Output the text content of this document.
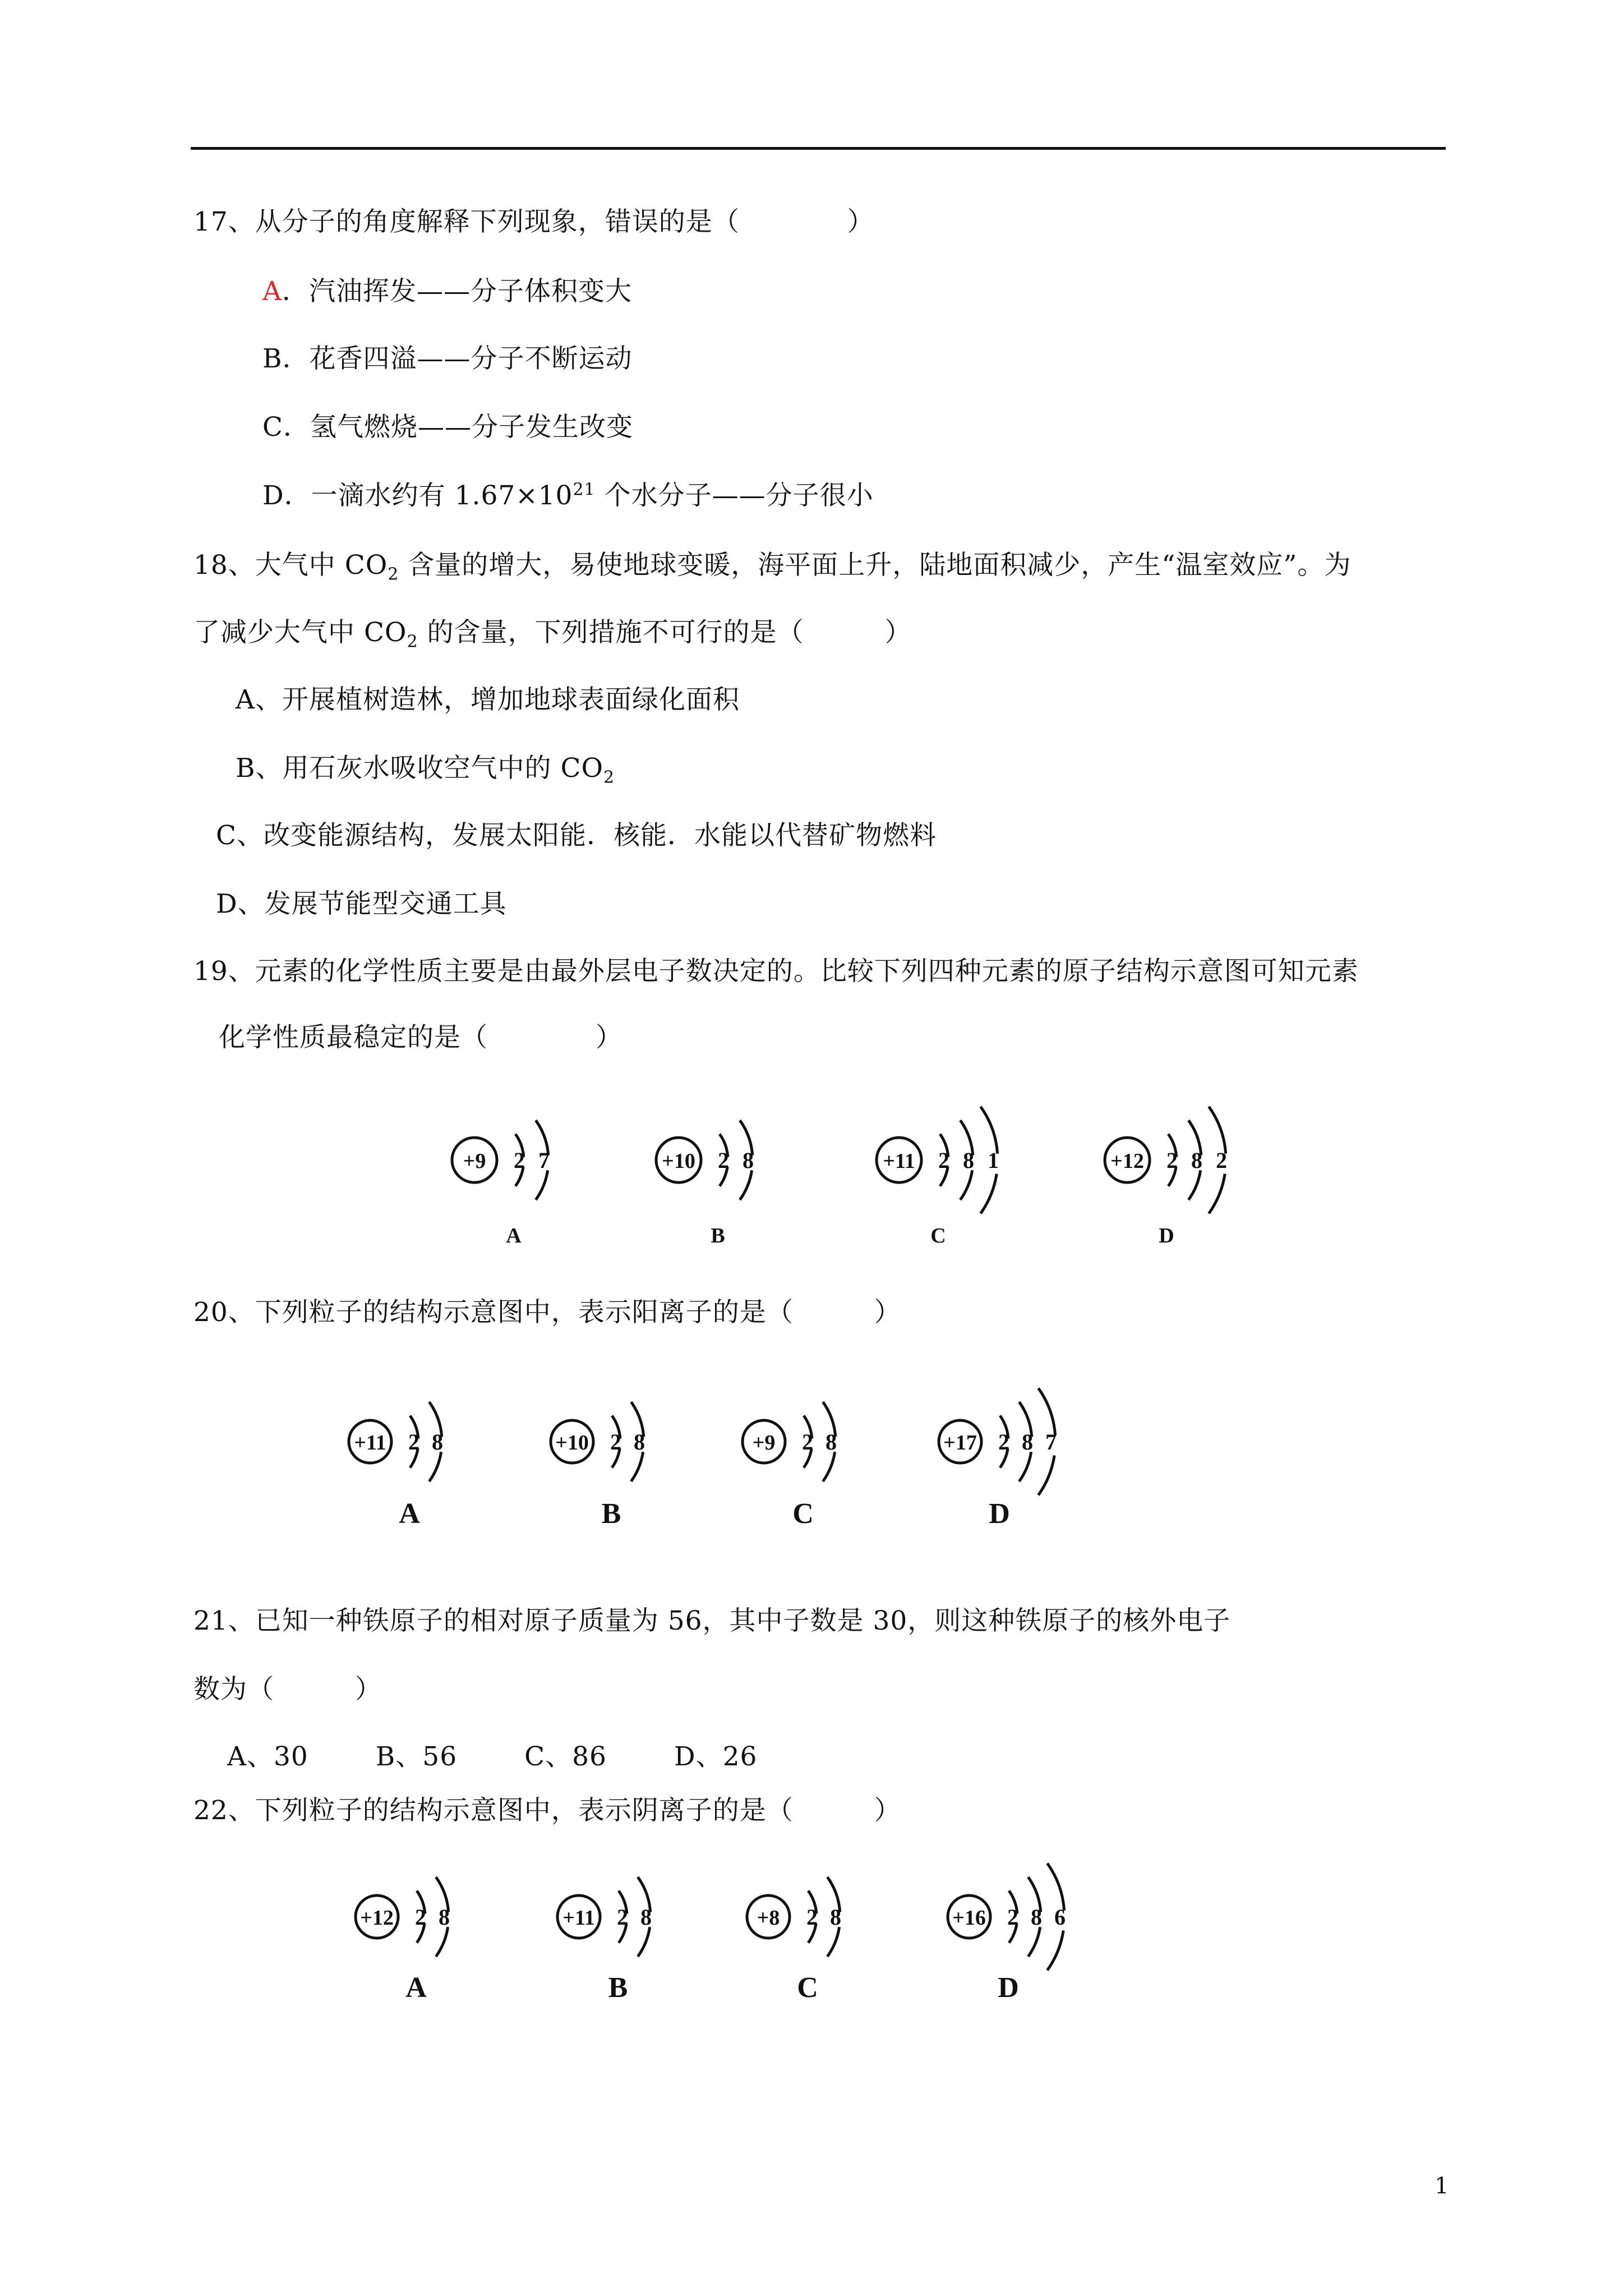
17、从分子的角度解释下列现象，错误的是（　　　　）
A．汽油挥发——分子体积变大
B．花香四溢——分子不断运动
C．氢气燃烧——分子发生改变
D．一滴水约有 $1.67\times 10^{21}$ 个水分子——分子很小
18、大气中 $CO_2$ 含量的增大，易使地球变暖，海平面上升，陆地面积减少，产生“温室效应”。为
了减少大气中 $CO_2$ 的含量，下列措施不可行的是（　　　）
A、开展植树造林，增加地球表面绿化面积
B、用石灰水吸收空气中的 $CO_2$
C、改变能源结构，发展太阳能．核能．水能以代替矿物燃料
D、发展节能型交通工具
19、元素的化学性质主要是由最外层电子数决定的。比较下列四种元素的原子结构示意图可知元素
化学性质最稳定的是（　　　　）
20、下列粒子的结构示意图中，表示阳离子的是（　　　）
21、已知一种铁原子的相对原子质量为 56，其中子数是 30，则这种铁原子的核外电子
数为（　　　）
A、30	B、56	C、86	D、26
22、下列粒子的结构示意图中，表示阴离子的是（　　　）
+9 2 7
A
+10 2 8
B
+11 2 8 1
C
+12 2 8 2
D
+11 2 8
A
+10 2 8
B
+9 2 8
C
+17 2 8 7
D
+12 2 8
A
+11 2 8
B
+8 2 8
C
+16 2 8 6
D
1
